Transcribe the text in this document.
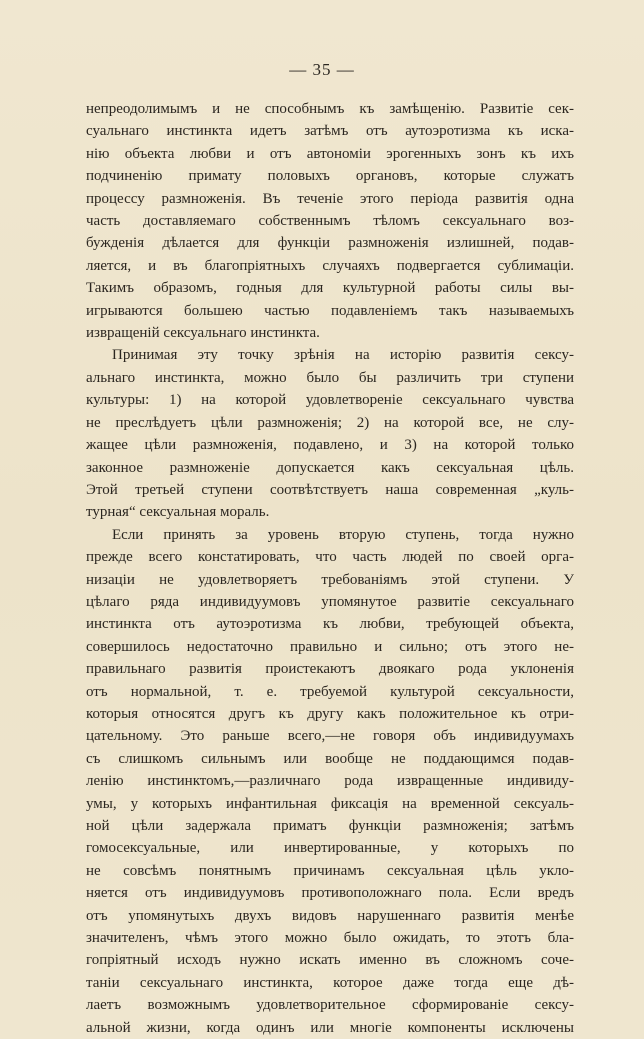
— 35 —

непреодолимымъ и не способнымъ къ замѣщенію. Развитіе сек-
суальнаго инстинкта идетъ затѣмъ отъ аутоэротизма къ иска-
нію объекта любви и отъ автономіи эрогенныхъ зонъ къ ихъ
подчиненію примату половыхъ органовъ, которые служатъ
процессу размноженія. Въ теченіе этого періода развитія одна
часть доставляемаго собственнымъ тѣломъ сексуальнаго воз-
бужденія дѣлается для функціи размноженія излишней, подав-
ляется, и въ благопріятныхъ случаяхъ подвергается сублимаціи.
Такимъ образомъ, годныя для культурной работы силы вы-
игрываются большею частью подавленіемъ такъ называемыхъ
извращеній сексуальнаго инстинкта.

Принимая эту точку зрѣнія на исторію развитія сексу-
альнаго инстинкта, можно было бы различить три ступени
культуры: 1) на которой удовлетвореніе сексуальнаго чувства
не преслѣдуетъ цѣли размноженія; 2) на которой все, не слу-
жащее цѣли размноженія, подавлено, и 3) на которой только
законное размноженіе допускается какъ сексуальная цѣль.
Этой третьей ступени соотвѣтствуетъ наша современная „куль-
турная“ сексуальная мораль.

Если принять за уровень вторую ступень, тогда нужно
прежде всего констатировать, что часть людей по своей орга-
низаціи не удовлетворяетъ требованіямъ этой ступени. У
цѣлаго ряда индивидуумовъ упомянутое развитіе сексуальнаго
инстинкта отъ аутоэротизма къ любви, требующей объекта,
совершилось недостаточно правильно и сильно; отъ этого не-
правильнаго развитія проистекаютъ двоякаго рода уклоненія
отъ нормальной, т. е. требуемой культурой сексуальности,
которыя относятся другъ къ другу какъ положительное къ отри-
цательному. Это раньше всего,—не говоря объ индивидуумахъ
съ слишкомъ сильнымъ или вообще не поддающимся подав-
ленію инстинктомъ,—различнаго рода извращенные индивиду-
умы, у которыхъ инфантильная фиксація на временной сексуаль-
ной цѣли задержала приматъ функціи размноженія; затѣмъ
гомосексуальные, или инвертированные, у которыхъ по
не совсѣмъ понятнымъ причинамъ сексуальная цѣль укло-
няется отъ индивидуумовъ противоположнаго пола. Если вредъ
отъ упомянутыхъ двухъ видовъ нарушеннаго развитія менѣе
значителенъ, чѣмъ этого можно было ожидать, то этотъ бла-
гопріятный исходъ нужно искать именно въ сложномъ соче-
таніи сексуальнаго инстинкта, которое даже тогда еще дѣ-
лаетъ возможнымъ удовлетворительное сформированіе сексу-
альной жизни, когда одинъ или многіе компоненты исключены
